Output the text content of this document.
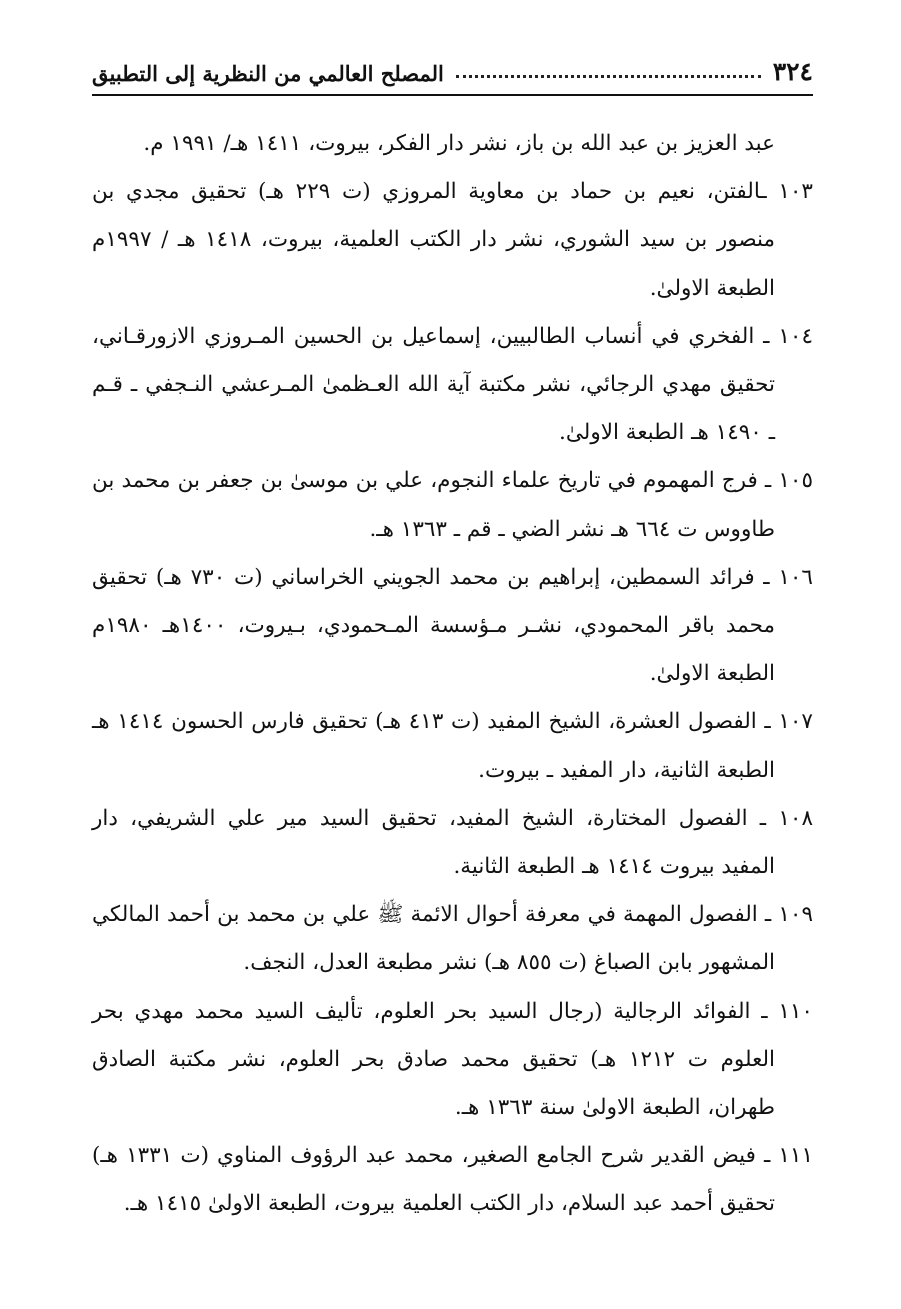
٣٢٤
المصلح العالمي من النظرية إلى التطبيق

عبد العزيز بن عبد الله بن باز، نشر دار الفكر، بيروت، ١٤١١ هـ/ ١٩٩١ م.

١٠٣ ـالفتن، نعيم بن حماد بن معاوية المروزي (ت ٢٢٩ هـ) تحقيق مجدي بن منصور بن سيد الشوري، نشر دار الكتب العلمية، بيروت، ١٤١٨ هـ / ١٩٩٧م الطبعة الاولىٰ.

١٠٤ ـ الفخري في أنساب الطالبيين، إسماعيل بن الحسين المـروزي الازورقـاني، تحقيق مهدي الرجائي، نشر مكتبة آية الله العـظمىٰ المـرعشي النـجفي ـ قـم ـ ١٤٩٠ هـ الطبعة الاولىٰ.

١٠٥ ـ فرج المهموم في تاريخ علماء النجوم، علي بن موسىٰ بن جعفر بن محمد بن طاووس ت ٦٦٤ هـ نشر الضي ـ قم ـ ١٣٦٣ هـ.

١٠٦ ـ فرائد السمطين، إبراهيم بن محمد الجويني الخراساني (ت ٧٣٠ هـ) تحقيق محمد باقر المحمودي، نشـر مـؤسسة المـحمودي، بـيروت، ١٤٠٠هـ ١٩٨٠م الطبعة الاولىٰ.

١٠٧ ـ الفصول العشرة، الشيخ المفيد (ت ٤١٣ هـ) تحقيق فارس الحسون ١٤١٤ هـ الطبعة الثانية، دار المفيد ـ بيروت.

١٠٨ ـ الفصول المختارة، الشيخ المفيد، تحقيق السيد مير علي الشريفي، دار المفيد بيروت ١٤١٤ هـ الطبعة الثانية.

١٠٩ ـ الفصول المهمة في معرفة أحوال الائمة ﷺ علي بن محمد بن أحمد المالكي المشهور بابن الصباغ (ت ٨٥٥ هـ) نشر مطبعة العدل، النجف.

١١٠ ـ الفوائد الرجالية (رجال السيد بحر العلوم، تأليف السيد محمد مهدي بحر العلوم ت ١٢١٢ هـ) تحقيق محمد صادق بحر العلوم، نشر مكتبة الصادق طهران، الطبعة الاولىٰ سنة ١٣٦٣ هـ.

١١١ ـ فيض القدير شرح الجامع الصغير، محمد عبد الرؤوف المناوي (ت ١٣٣١ هـ) تحقيق أحمد عبد السلام، دار الكتب العلمية بيروت، الطبعة الاولىٰ ١٤١٥ هـ.
